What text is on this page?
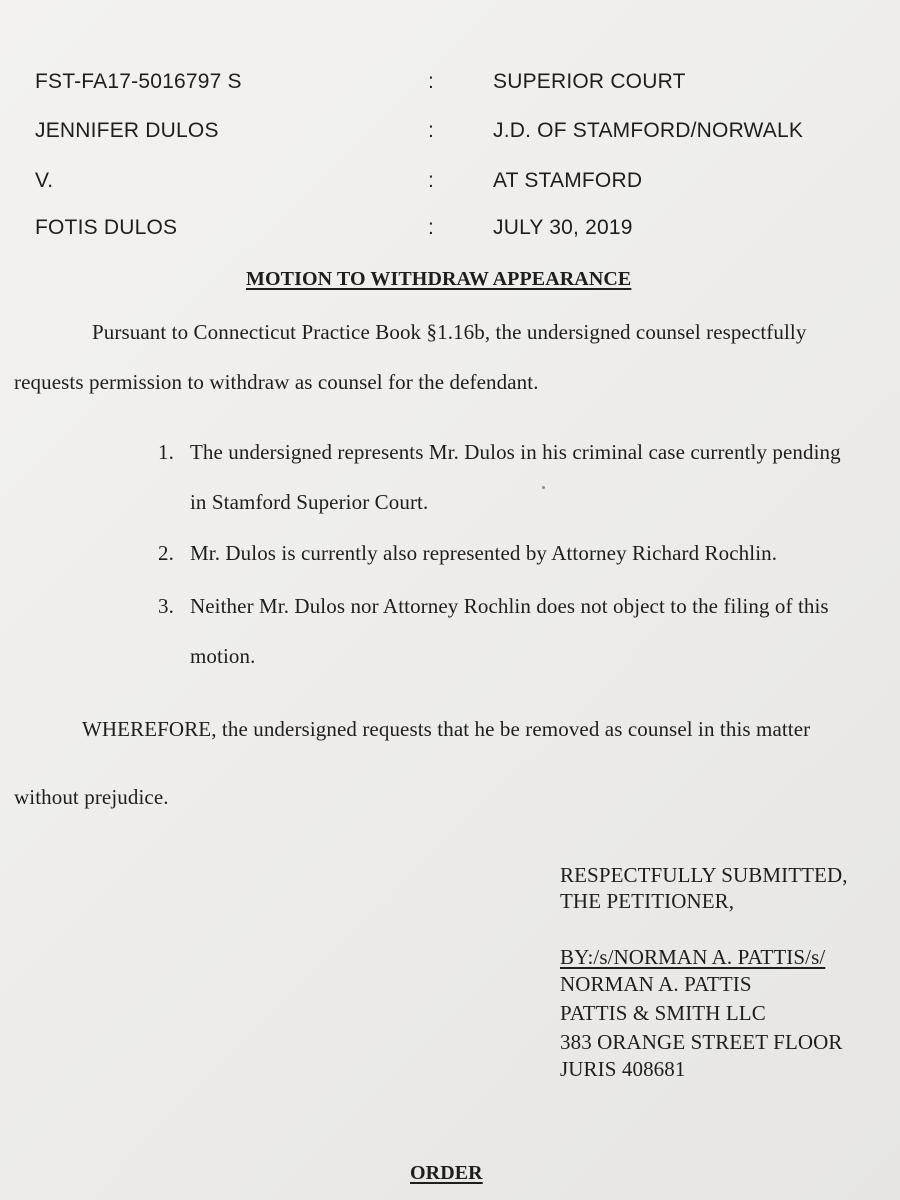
FST-FA17-5016797 S	:	SUPERIOR COURT
JENNIFER DULOS	:	J.D. OF STAMFORD/NORWALK
V.	:	AT STAMFORD
FOTIS DULOS	:	JULY 30, 2019
MOTION TO WITHDRAW APPEARANCE
Pursuant to Connecticut Practice Book §1.16b, the undersigned counsel respectfully
requests permission to withdraw as counsel for the defendant.
1. The undersigned represents Mr. Dulos in his criminal case currently pending
in Stamford Superior Court.
2. Mr. Dulos is currently also represented by Attorney Richard Rochlin.
3. Neither Mr. Dulos nor Attorney Rochlin does not object to the filing of this
motion.
WHEREFORE, the undersigned requests that he be removed as counsel in this matter
without prejudice.
RESPECTFULLY SUBMITTED,
THE PETITIONER,
BY:/s/NORMAN A. PATTIS/s/
NORMAN A. PATTIS
PATTIS & SMITH LLC
383 ORANGE STREET FLOOR
JURIS 408681
ORDER
